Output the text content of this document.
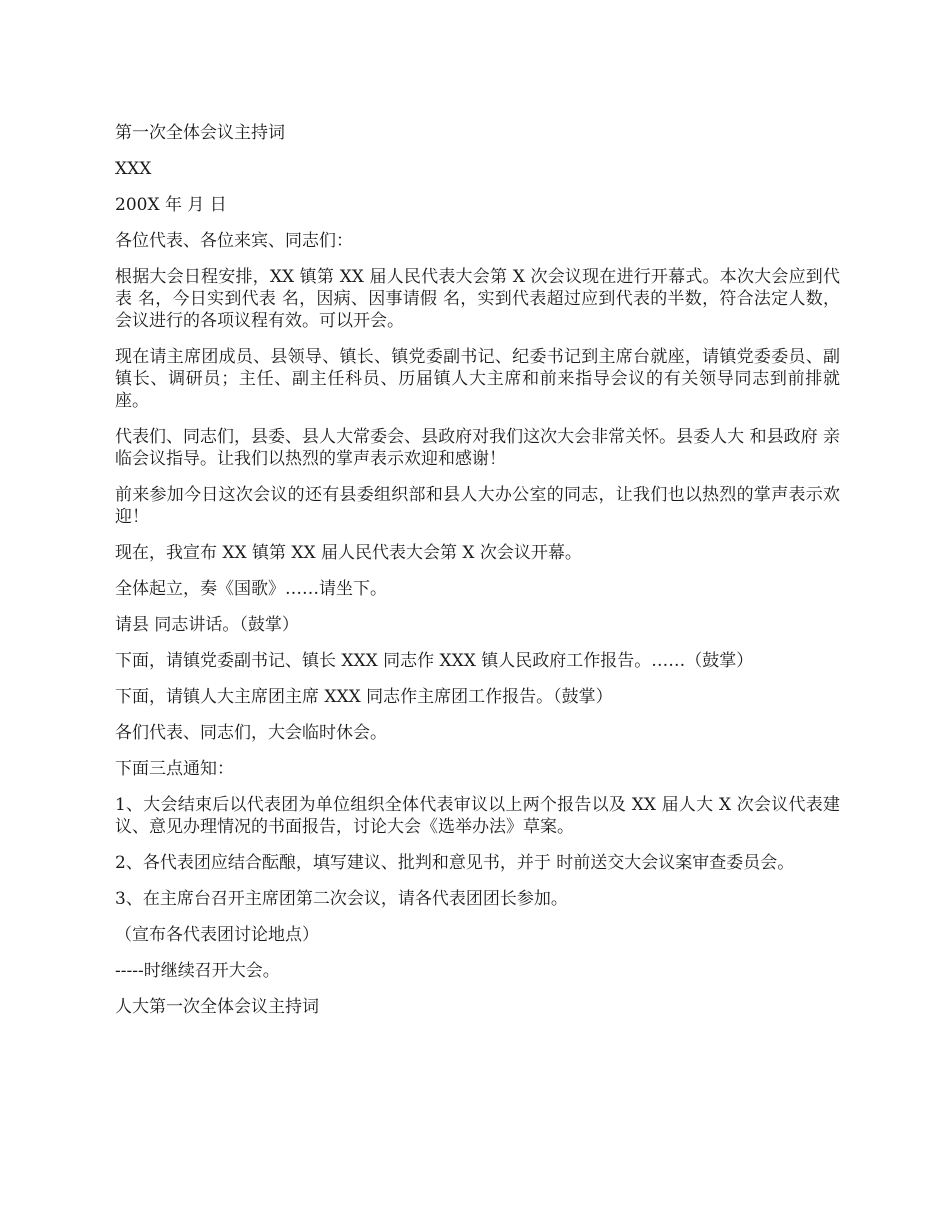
第一次全体会议主持词

XXX

200X 年 月 日

各位代表、各位来宾、同志们：

根据大会日程安排，XX 镇第 XX 届人民代表大会第 X 次会议现在进行开幕式。本次大会应到代表 名，今日实到代表 名，因病、因事请假 名，实到代表超过应到代表的半数，符合法定人数，会议进行的各项议程有效。可以开会。

现在请主席团成员、县领导、镇长、镇党委副书记、纪委书记到主席台就座，请镇党委委员、副镇长、调研员；主任、副主任科员、历届镇人大主席和前来指导会议的有关领导同志到前排就座。

代表们、同志们，县委、县人大常委会、县政府对我们这次大会非常关怀。县委人大 和县政府 亲临会议指导。让我们以热烈的掌声表示欢迎和感谢！

前来参加今日这次会议的还有县委组织部和县人大办公室的同志，让我们也以热烈的掌声表示欢迎！

现在，我宣布 XX 镇第 XX 届人民代表大会第 X 次会议开幕。

全体起立，奏《国歌》……请坐下。

请县 同志讲话。（鼓掌）

下面，请镇党委副书记、镇长 XXX 同志作 XXX 镇人民政府工作报告。……（鼓掌）

下面，请镇人大主席团主席 XXX 同志作主席团工作报告。（鼓掌）

各们代表、同志们，大会临时休会。

下面三点通知：

1、大会结束后以代表团为单位组织全体代表审议以上两个报告以及 XX 届人大 X 次会议代表建议、意见办理情况的书面报告，讨论大会《选举办法》草案。

2、各代表团应结合酝酿，填写建议、批判和意见书，并于 时前送交大会议案审查委员会。

3、在主席台召开主席团第二次会议，请各代表团团长参加。

（宣布各代表团讨论地点）

-----时继续召开大会。

人大第一次全体会议主持词
